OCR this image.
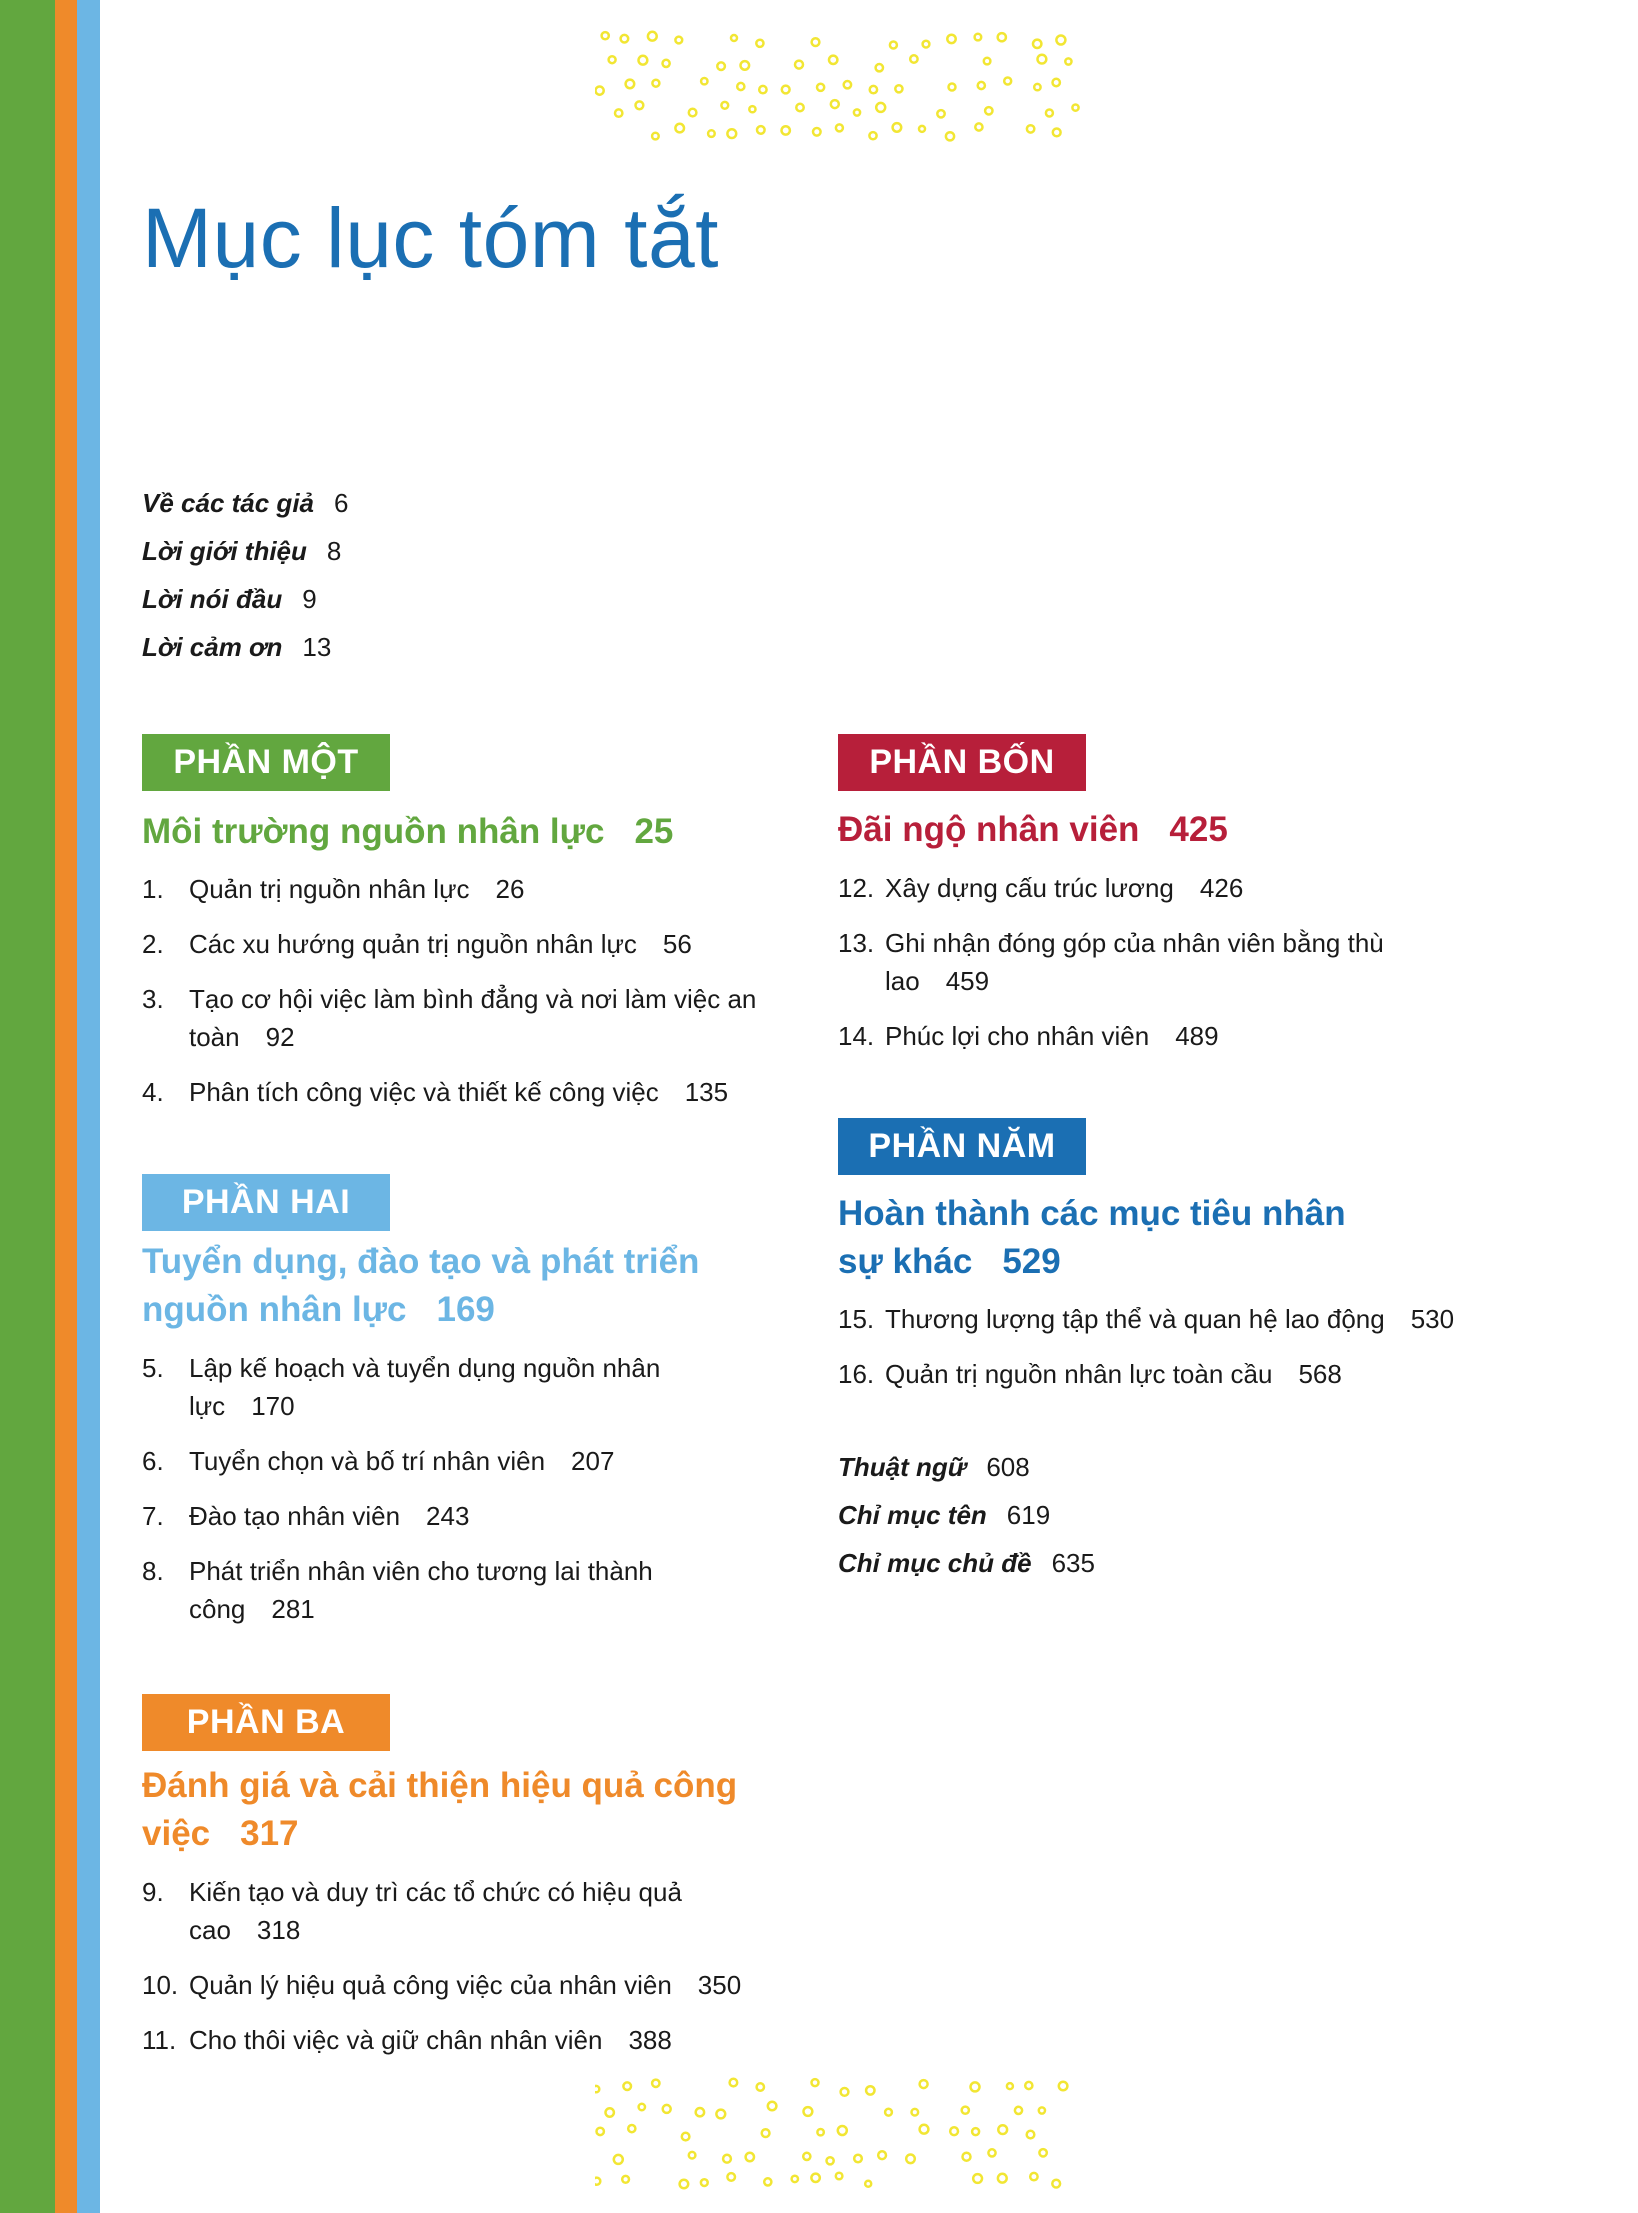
Mục lục tóm tắt
Về các tác giả 6
Lời giới thiệu 8
Lời nói đầu 9
Lời cảm ơn 13
PHẦN MỘT
Môi trường nguồn nhân lực 25
1. Quản trị nguồn nhân lực 26
2. Các xu hướng quản trị nguồn nhân lực 56
3. Tạo cơ hội việc làm bình đẳng và nơi làm việc an toàn 92
4. Phân tích công việc và thiết kế công việc 135
PHẦN HAI
Tuyển dụng, đào tạo và phát triển nguồn nhân lực 169
5. Lập kế hoạch và tuyển dụng nguồn nhân lực 170
6. Tuyển chọn và bố trí nhân viên 207
7. Đào tạo nhân viên 243
8. Phát triển nhân viên cho tương lai thành công 281
PHẦN BA
Đánh giá và cải thiện hiệu quả công việc 317
9. Kiến tạo và duy trì các tổ chức có hiệu quả cao 318
10. Quản lý hiệu quả công việc của nhân viên 350
11. Cho thôi việc và giữ chân nhân viên 388
PHẦN BỐN
Đãi ngộ nhân viên 425
12. Xây dựng cấu trúc lương 426
13. Ghi nhận đóng góp của nhân viên bằng thù lao 459
14. Phúc lợi cho nhân viên 489
PHẦN NĂM
Hoàn thành các mục tiêu nhân sự khác 529
15. Thương lượng tập thể và quan hệ lao động 530
16. Quản trị nguồn nhân lực toàn cầu 568
Thuật ngữ 608
Chỉ mục tên 619
Chỉ mục chủ đề 635
